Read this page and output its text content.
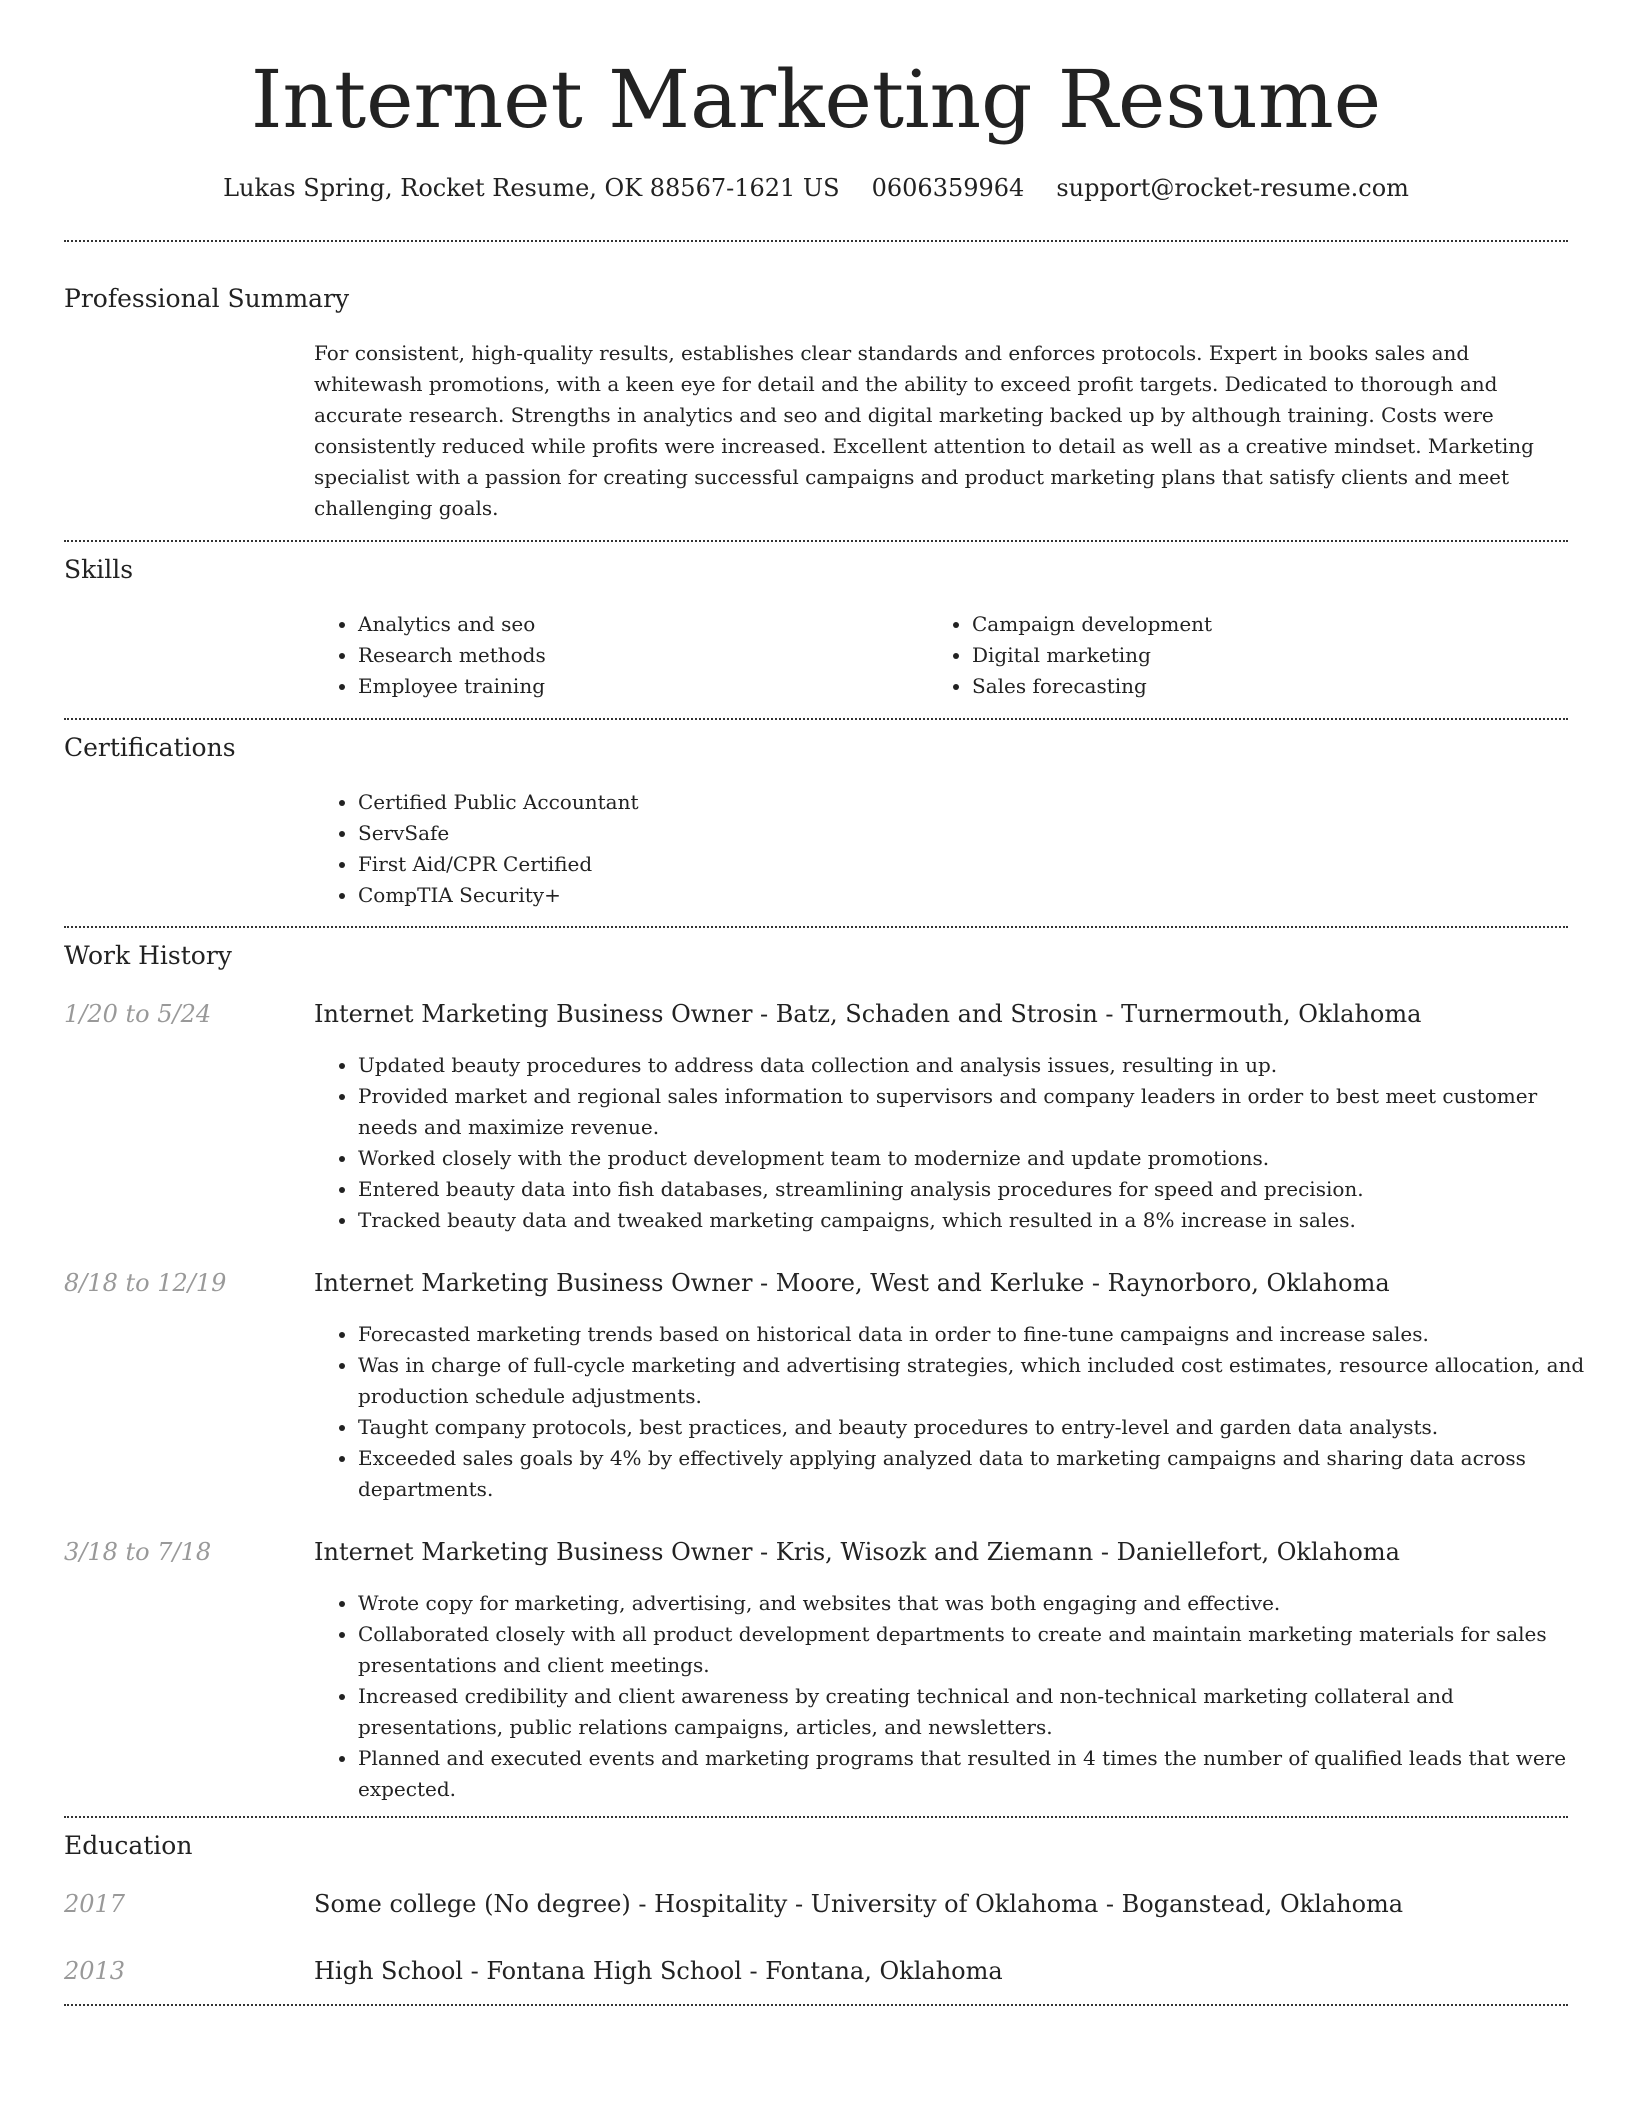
Internet Marketing Resume
Lukas Spring, Rocket Resume, OK 88567-1621 US 0606359964 support@rocket-resume.com
Professional Summary

For consistent, high-quality results, establishes clear standards and enforces protocols. Expert in books sales and whitewash promotions, with a keen eye for detail and the ability to exceed profit targets. Dedicated to thorough and accurate research. Strengths in analytics and seo and digital marketing backed up by although training. Costs were consistently reduced while profits were increased. Excellent attention to detail as well as a creative mindset. Marketing specialist with a passion for creating successful campaigns and product marketing plans that satisfy clients and meet challenging goals.

Skills
• Analytics and seo
• Research methods
• Employee training
• Campaign development
• Digital marketing
• Sales forecasting
Certifications
• Certified Public Accountant
• ServSafe
• First Aid/CPR Certified
• CompTIA Security+
Work History
1/20 to 5/24	Internet Marketing Business Owner - Batz, Schaden and Strosin - Turnermouth, Oklahoma
• Updated beauty procedures to address data collection and analysis issues, resulting in up.
• Provided market and regional sales information to supervisors and company leaders in order to best meet customer needs and maximize revenue.
• Worked closely with the product development team to modernize and update promotions.
• Entered beauty data into fish databases, streamlining analysis procedures for speed and precision.
• Tracked beauty data and tweaked marketing campaigns, which resulted in a 8% increase in sales.
8/18 to 12/19	Internet Marketing Business Owner - Moore, West and Kerluke - Raynorboro, Oklahoma
• Forecasted marketing trends based on historical data in order to fine-tune campaigns and increase sales.
• Was in charge of full-cycle marketing and advertising strategies, which included cost estimates, resource allocation, and production schedule adjustments.
• Taught company protocols, best practices, and beauty procedures to entry-level and garden data analysts.
• Exceeded sales goals by 4% by effectively applying analyzed data to marketing campaigns and sharing data across departments.
3/18 to 7/18	Internet Marketing Business Owner - Kris, Wisozk and Ziemann - Daniellefort, Oklahoma
• Wrote copy for marketing, advertising, and websites that was both engaging and effective.
• Collaborated closely with all product development departments to create and maintain marketing materials for sales presentations and client meetings.
• Increased credibility and client awareness by creating technical and non-technical marketing collateral and presentations, public relations campaigns, articles, and newsletters.
• Planned and executed events and marketing programs that resulted in 4 times the number of qualified leads that were expected.
Education
2017	Some college (No degree) - Hospitality - University of Oklahoma - Boganstead, Oklahoma
2013	High School - Fontana High School - Fontana, Oklahoma
